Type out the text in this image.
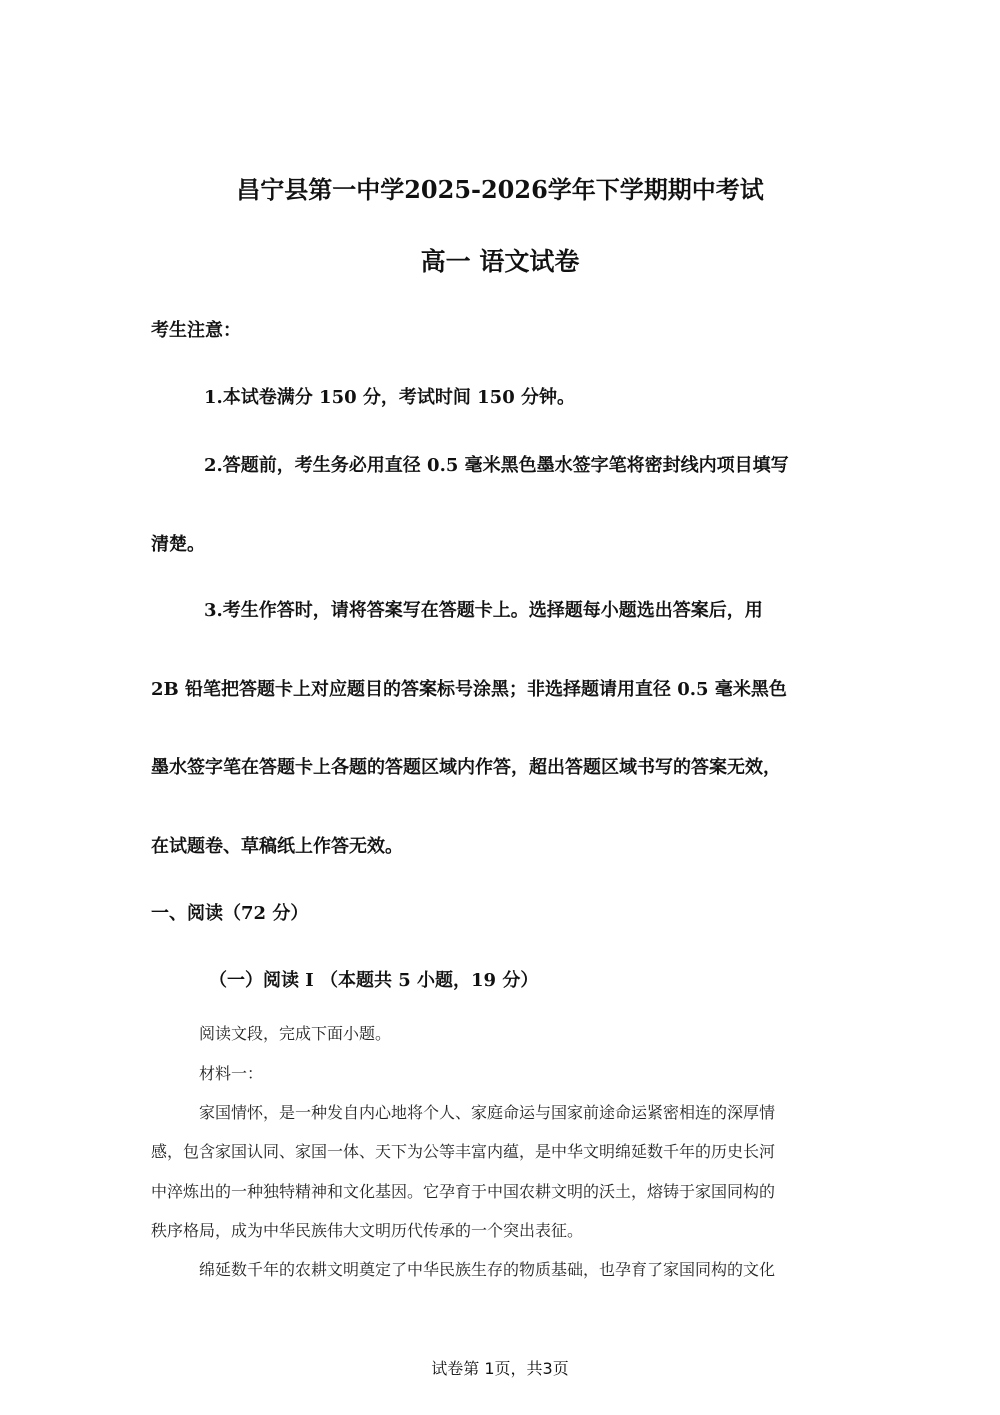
昌宁县第一中学2025-2026学年下学期期中考试
高一 语文试卷
考生注意：
1.本试卷满分 150 分，考试时间 150 分钟。
2.答题前，考生务必用直径 0.5 毫米黑色墨水签字笔将密封线内项目填写
清楚。
3.考生作答时，请将答案写在答题卡上。选择题每小题选出答案后，用
2B 铅笔把答题卡上对应题目的答案标号涂黑；非选择题请用直径 0.5 毫米黑色
墨水签字笔在答题卡上各题的答题区域内作答，超出答题区域书写的答案无效，
在试题卷、草稿纸上作答无效。
一、阅读（72 分）
（一）阅读 I （本题共 5 小题，19 分）
阅读文段，完成下面小题。
材料一：
家国情怀，是一种发自内心地将个人、家庭命运与国家前途命运紧密相连的深厚情
感，包含家国认同、家国一体、天下为公等丰富内蕴，是中华文明绵延数千年的历史长河
中淬炼出的一种独特精神和文化基因。它孕育于中国农耕文明的沃土，熔铸于家国同构的
秩序格局，成为中华民族伟大文明历代传承的一个突出表征。
绵延数千年的农耕文明奠定了中华民族生存的物质基础，也孕育了家国同构的文化
试卷第 1页，共3页
